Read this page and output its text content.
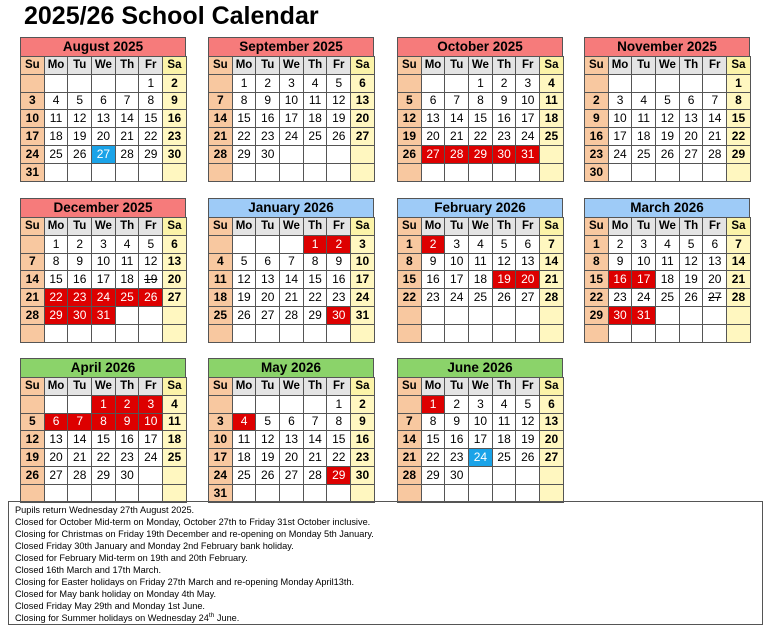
2025/26 School Calendar
August 2025
Su	Mo	Tu	We	Th	Fr	Sa
					1	2
3	4	5	6	7	8	9
10	11	12	13	14	15	16
17	18	19	20	21	22	23
24	25	26	27	28	29	30
31						
September 2025
Su	Mo	Tu	We	Th	Fr	Sa
	1	2	3	4	5	6
7	8	9	10	11	12	13
14	15	16	17	18	19	20
21	22	23	24	25	26	27
28	29	30				

October 2025
Su	Mo	Tu	We	Th	Fr	Sa
			1	2	3	4
5	6	7	8	9	10	11
12	13	14	15	16	17	18
19	20	21	22	23	24	25
26	27	28	29	30	31	

November 2025
Su	Mo	Tu	We	Th	Fr	Sa
						1
2	3	4	5	6	7	8
9	10	11	12	13	14	15
16	17	18	19	20	21	22
23	24	25	26	27	28	29
30						
December 2025
Su	Mo	Tu	We	Th	Fr	Sa
	1	2	3	4	5	6
7	8	9	10	11	12	13
14	15	16	17	18	19	20
21	22	23	24	25	26	27
28	29	30	31			

January 2026
Su	Mo	Tu	We	Th	Fr	Sa
				1	2	3
4	5	6	7	8	9	10
11	12	13	14	15	16	17
18	19	20	21	22	23	24
25	26	27	28	29	30	31

February 2026
Su	Mo	Tu	We	Th	Fr	Sa
1	2	3	4	5	6	7
8	9	10	11	12	13	14
15	16	17	18	19	20	21
22	23	24	25	26	27	28

March 2026
Su	Mo	Tu	We	Th	Fr	Sa
1	2	3	4	5	6	7
8	9	10	11	12	13	14
15	16	17	18	19	20	21
22	23	24	25	26	27	28
29	30	31				

April 2026
Su	Mo	Tu	We	Th	Fr	Sa
			1	2	3	4
5	6	7	8	9	10	11
12	13	14	15	16	17	18
19	20	21	22	23	24	25
26	27	28	29	30		

May 2026
Su	Mo	Tu	We	Th	Fr	Sa
					1	2
3	4	5	6	7	8	9
10	11	12	13	14	15	16
17	18	19	20	21	22	23
24	25	26	27	28	29	30
31						
June 2026
Su	Mo	Tu	We	Th	Fr	Sa
	1	2	3	4	5	6
7	8	9	10	11	12	13
14	15	16	17	18	19	20
21	22	23	24	25	26	27
28	29	30				

Pupils return Wednesday 27th August 2025.
Closed for October Mid-term on Monday, October 27th to Friday 31st October inclusive.
Closing for Christmas on Friday 19th December and re-opening on Monday 5th January.
Closed Friday 30th January and Monday 2nd February bank holiday.
Closed for February Mid-term on 19th and 20th February.
Closed 16th March and 17th March.
Closing for Easter holidays on Friday 27th March and re-opening Monday April13th.
Closed for May bank holiday on Monday 4th May.
Closed Friday May 29th and Monday 1st June.
Closing for Summer holidays on Wednesday 24th June.
